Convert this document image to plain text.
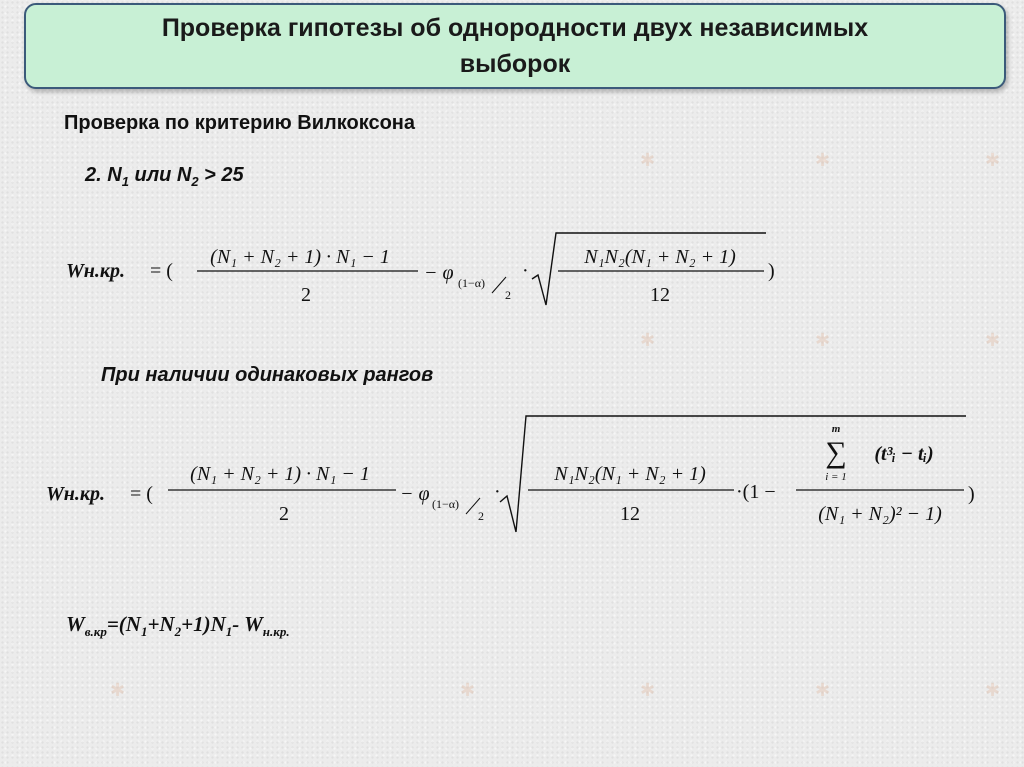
✱	✱	✱
✱	✱	✱
✱	✱	✱	✱	✱
Проверка гипотезы об однородности двух независимых выборок
Проверка по критерию Вилкоксона
2. $N_1$ или $N_2 > 25$
Wн.кр. = (
(N₁ + N₂ + 1) · N₁ − 1
2
− φ (1−α)
2
·
N₁N₂(N₁ + N₂ + 1)
12
)
При наличии одинаковых рангов
Wн.кр. = (
(N₁ + N₂ + 1) · N₁ − 1
2
− φ (1−α)
2
·
N₁N₂(N₁ + N₂ + 1)
12
·(1 −
m
∑
i = 1
(t³ᵢ − tᵢ)
(N₁ + N₂)² − 1)
)
$W_{в.кр}=(N_1+N_2+1)N_1-$ $W_{н.кр.}$
